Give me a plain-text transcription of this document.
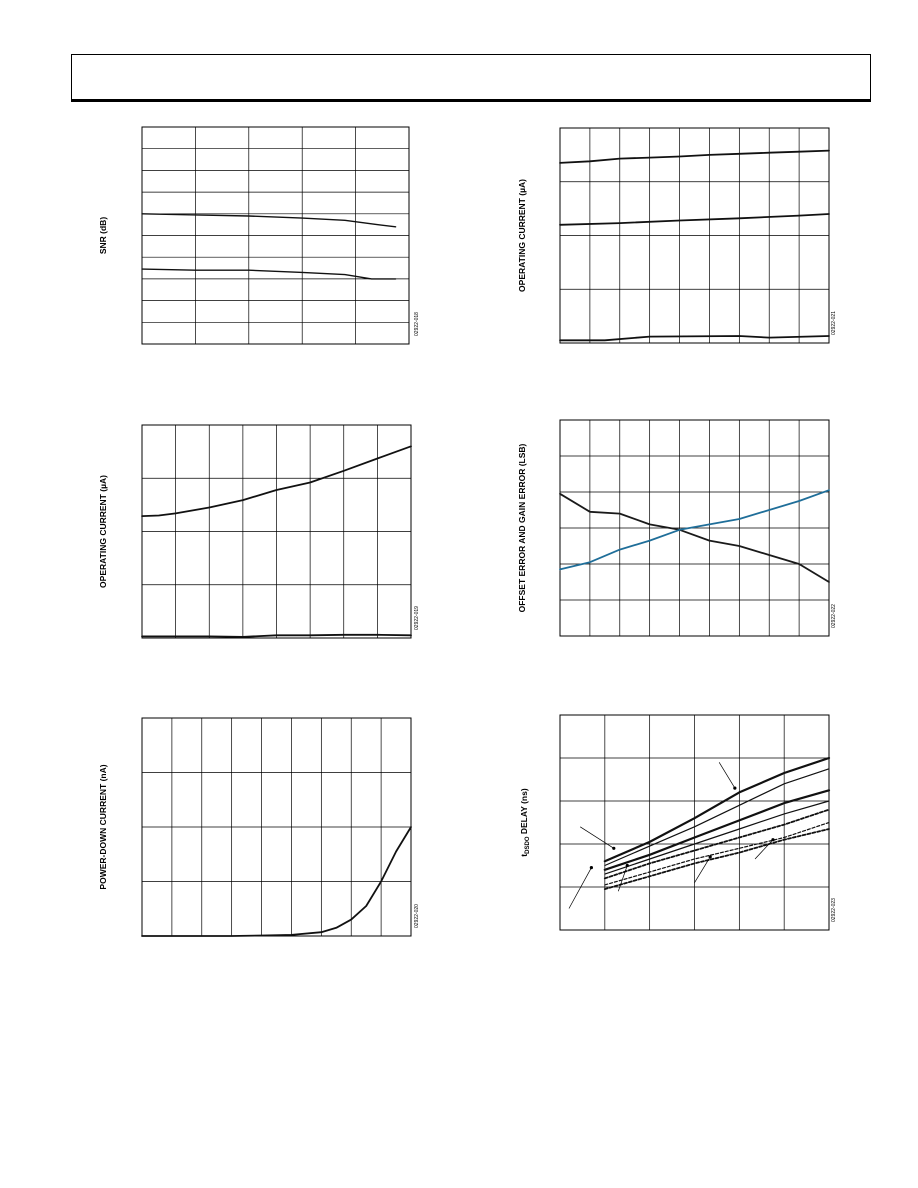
SNR (dB)
02922-018
OPERATING CURRENT (µA)
02922-019
POWER-DOWN CURRENT (nA)
02922-020
OPERATING CURRENT (µA)
02922-021
OFFSET ERROR AND GAIN ERROR (LSB)
02922-022
$t_{DSDO}$ DELAY (ns)
02922-023
